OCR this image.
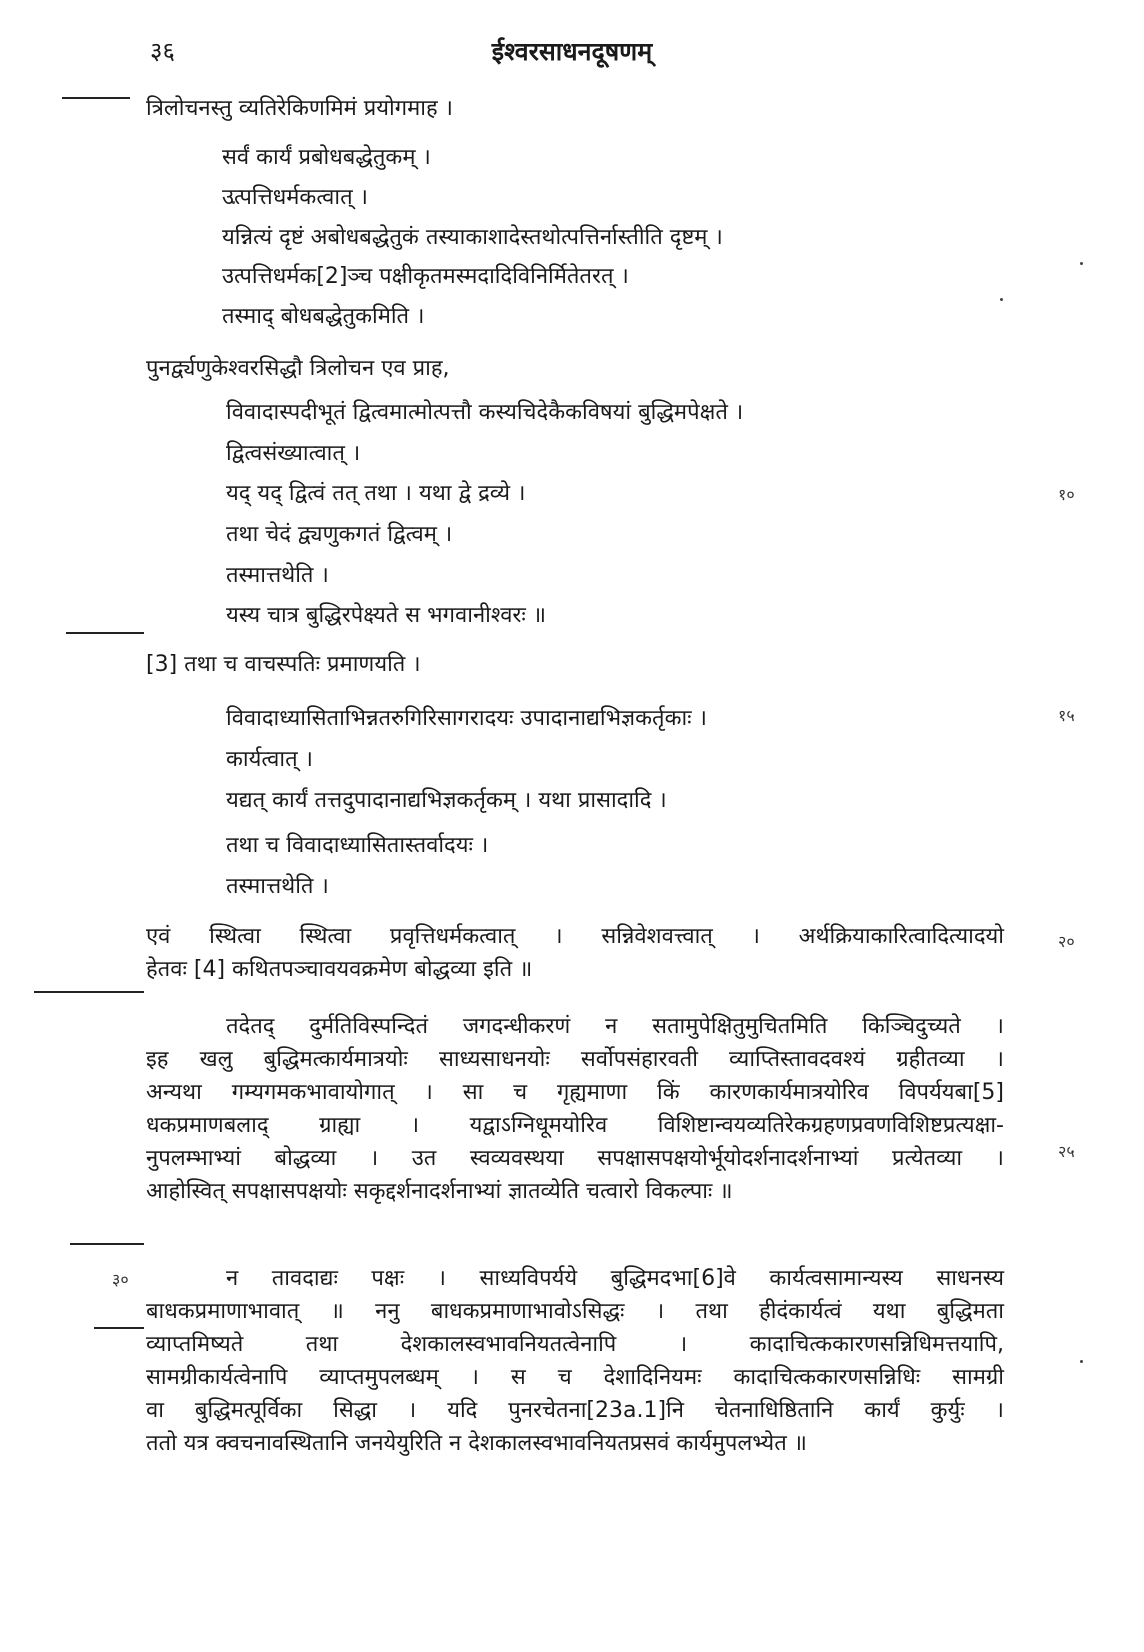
३६	ईश्वरसाधनदूषणम्
त्रिलोचनस्तु व्यतिरेकिणमिमं प्रयोगमाह ।
सर्वं कार्यं प्रबोधबद्धेतुकम् ।
उत्पत्तिधर्मकत्वात् ।
यन्नित्यं दृष्टं अबोधबद्धेतुकं तस्याकाशादेस्तथोत्पत्तिर्नास्तीति दृष्टम् ।
उत्पत्तिधर्मक[2]ञ्च पक्षीकृतमस्मदादिविनिर्मितेतरत् ।
तस्माद् बोधबद्धेतुकमिति ।
पुनर्द्व्यणुकेश्वरसिद्धौ त्रिलोचन एव प्राह,
विवादास्पदीभूतं द्वित्वमात्मोत्पत्तौ कस्यचिदेकैकविषयां बुद्धिमपेक्षते ।
द्वित्वसंख्यात्वात् ।
यद् यद् द्वित्वं तत् तथा । यथा द्वे द्रव्ये ।
तथा चेदं द्व्यणुकगतं द्वित्वम् ।
तस्मात्तथेति ।
यस्य चात्र बुद्धिरपेक्ष्यते स भगवानीश्वरः ॥
१०
[3] तथा च वाचस्पतिः प्रमाणयति ।
विवादाध्यासिताभिन्नतरुगिरिसागरादयः उपादानाद्यभिज्ञकर्तृकाः ।
कार्यत्वात् ।
यद्यत् कार्यं तत्तदुपादानाद्यभिज्ञकर्तृकम् । यथा प्रासादादि ।
तथा च विवादाध्यासितास्तर्वादयः ।
तस्मात्तथेति ।
१५
एवं स्थित्वा स्थित्वा प्रवृत्तिधर्मकत्वात् । सन्निवेशवत्त्वात् । अर्थक्रियाकारित्वादित्यादयो
हेतवः [4] कथितपञ्चावयवक्रमेण बोद्धव्या इति ॥
२०
तदेतद् दुर्मतिविस्पन्दितं जगदन्धीकरणं न सतामुपेक्षितुमुचितमिति किञ्चिदुच्यते ।
इह खलु बुद्धिमत्कार्यमात्रयोः साध्यसाधनयोः सर्वोपसंहारवती व्याप्तिस्तावदवश्यं ग्रहीतव्या ।
अन्यथा गम्यगमकभावायोगात् । सा च गृह्यमाणा किं कारणकार्यमात्रयोरिव विपर्ययबा[5]
धकप्रमाणबलाद् ग्राह्या । यद्वाऽग्निधूमयोरिव विशिष्टान्वयव्यतिरेकग्रहणप्रवणविशिष्टप्रत्यक्षा-
नुपलम्भाभ्यां बोद्धव्या । उत स्वव्यवस्थया सपक्षासपक्षयोर्भूयोदर्शनादर्शनाभ्यां प्रत्येतव्या ।
आहोस्वित् सपक्षासपक्षयोः सकृद्दर्शनादर्शनाभ्यां ज्ञातव्येति चत्वारो विकल्पाः ॥
२५
न तावदाद्यः पक्षः । साध्यविपर्यये बुद्धिमदभा[6]वे कार्यत्वसामान्यस्य साधनस्य
बाधकप्रमाणाभावात् ॥ ननु बाधकप्रमाणाभावोऽसिद्धः । तथा हीदंकार्यत्वं यथा बुद्धिमता
व्याप्तमिष्यते तथा देशकालस्वभावनियतत्वेनापि । कादाचित्ककारणसन्निधिमत्तयापि,
सामग्रीकार्यत्वेनापि व्याप्तमुपलब्धम् । स च देशादिनियमः कादाचित्ककारणसन्निधिः सामग्री
वा बुद्धिमत्पूर्विका सिद्धा । यदि पुनरचेतना[23a.1]नि चेतनाधिष्ठितानि कार्यं कुर्युः ।
ततो यत्र क्वचनावस्थितानि जनयेयुरिति न देशकालस्वभावनियतप्रसवं कार्यमुपलभ्येत ॥
३०
